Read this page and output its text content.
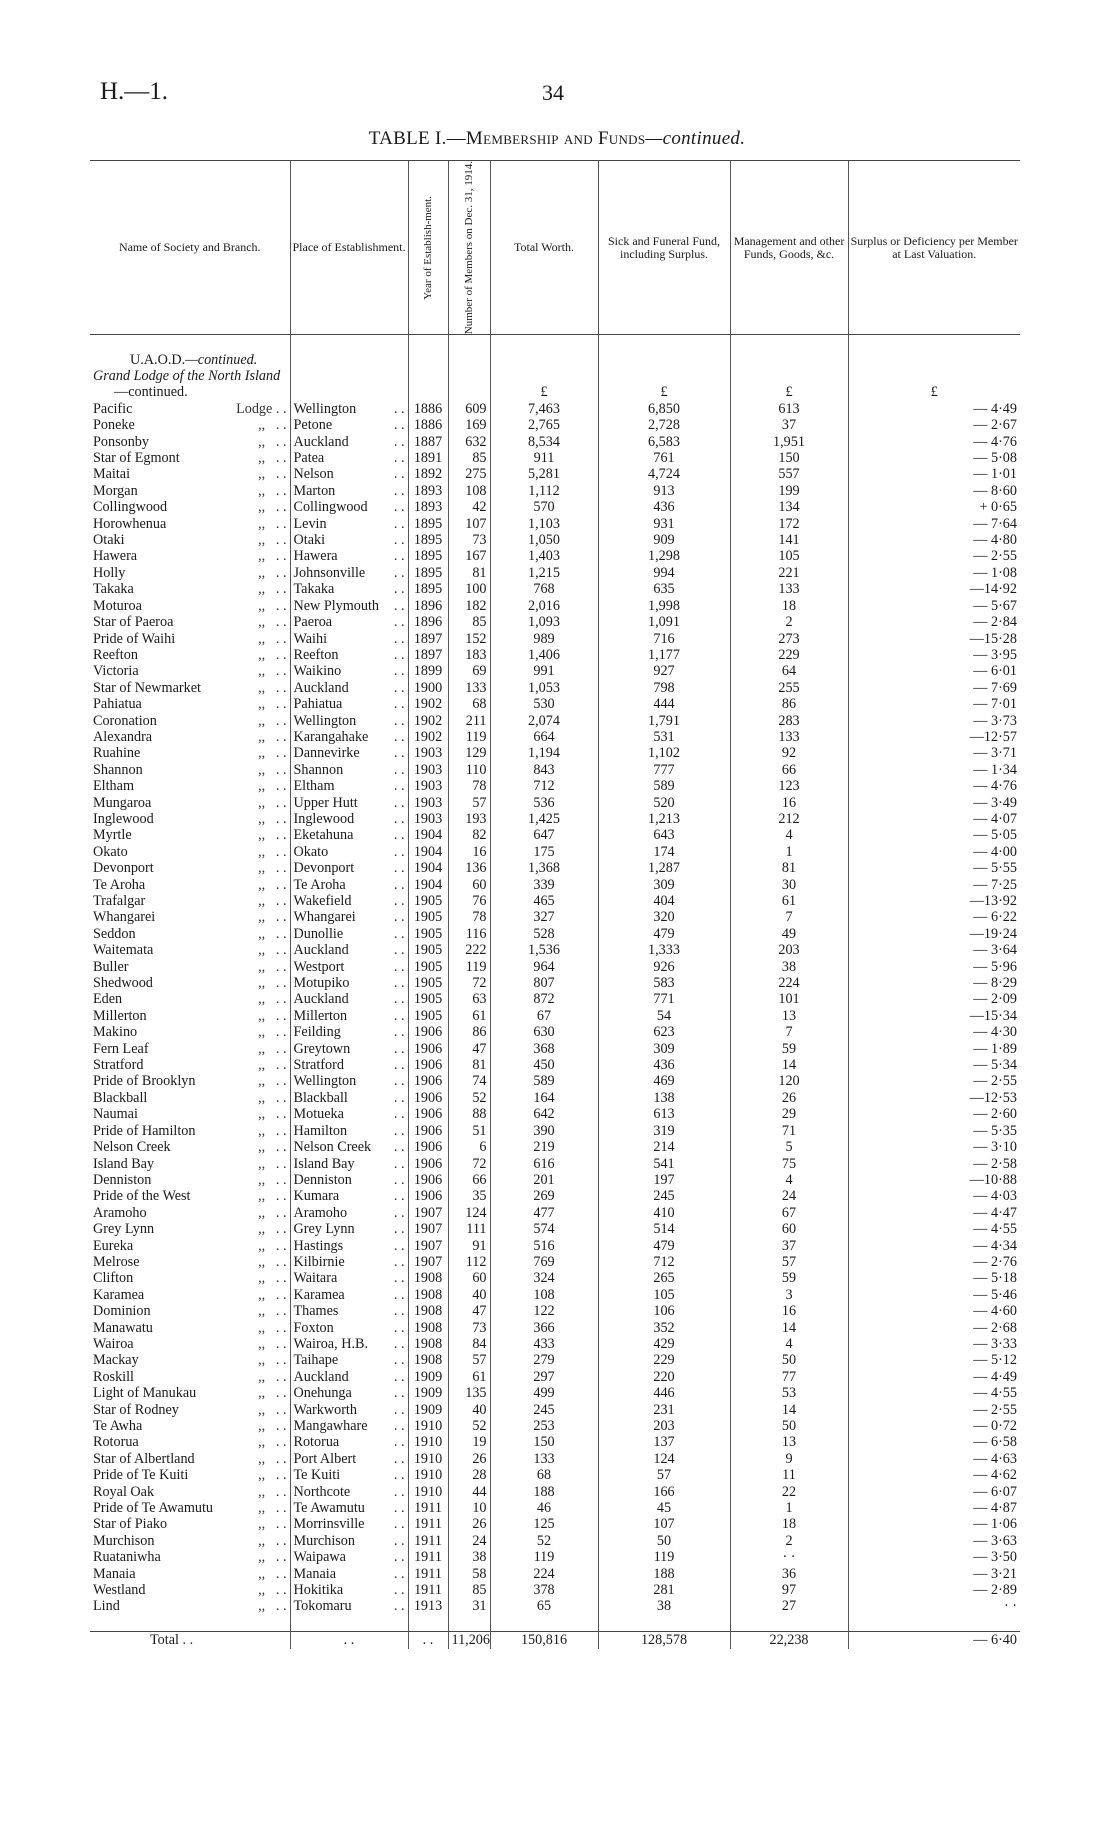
H.—1.	34
TABLE I.—Membership and Funds—continued.
Name of Society and Branch.	Place of Establishment.	Year of Establish-ment.	Number of Members on Dec. 31, 1914.	Total Worth.	Sick and Funeral Fund, including Surplus.	Management and other Funds, Goods, &c.	Surplus or Deficiency per Member at Last Valuation.

U.A.O.D.—continued.							
Grand Lodge of the North Island							
—continued.				£	£	£	£
Pacific Lodge . .	Wellington . .	1886	609	7,463	6,850	613	— 4·49
Poneke ,, . .	Petone . .	1886	169	2,765	2,728	37	— 2·67
Ponsonby ,, . .	Auckland . .	1887	632	8,534	6,583	1,951	— 4·76
Star of Egmont ,, . .	Patea . .	1891	85	911	761	150	— 5·08
Maitai ,, . .	Nelson . .	1892	275	5,281	4,724	557	— 1·01
Morgan ,, . .	Marton . .	1893	108	1,112	913	199	— 8·60
Collingwood ,, . .	Collingwood . .	1893	42	570	436	134	+ 0·65
Horowhenua ,, . .	Levin . .	1895	107	1,103	931	172	— 7·64
Otaki ,, . .	Otaki . .	1895	73	1,050	909	141	— 4·80
Hawera ,, . .	Hawera . .	1895	167	1,403	1,298	105	— 2·55
Holly ,, . .	Johnsonville . .	1895	81	1,215	994	221	— 1·08
Takaka ,, . .	Takaka . .	1895	100	768	635	133	—14·92
Moturoa ,, . .	New Plymouth . .	1896	182	2,016	1,998	18	— 5·67
Star of Paeroa ,, . .	Paeroa . .	1896	85	1,093	1,091	2	— 2·84
Pride of Waihi ,, . .	Waihi . .	1897	152	989	716	273	—15·28
Reefton ,, . .	Reefton . .	1897	183	1,406	1,177	229	— 3·95
Victoria ,, . .	Waikino . .	1899	69	991	927	64	— 6·01
Star of Newmarket ,, . .	Auckland . .	1900	133	1,053	798	255	— 7·69
Pahiatua ,, . .	Pahiatua . .	1902	68	530	444	86	— 7·01
Coronation ,, . .	Wellington . .	1902	211	2,074	1,791	283	— 3·73
Alexandra ,, . .	Karangahake . .	1902	119	664	531	133	—12·57
Ruahine ,, . .	Dannevirke . .	1903	129	1,194	1,102	92	— 3·71
Shannon ,, . .	Shannon . .	1903	110	843	777	66	— 1·34
Eltham ,, . .	Eltham . .	1903	78	712	589	123	— 4·76
Mungaroa ,, . .	Upper Hutt . .	1903	57	536	520	16	— 3·49
Inglewood ,, . .	Inglewood . .	1903	193	1,425	1,213	212	— 4·07
Myrtle ,, . .	Eketahuna . .	1904	82	647	643	4	— 5·05
Okato ,, . .	Okato . .	1904	16	175	174	1	— 4·00
Devonport ,, . .	Devonport . .	1904	136	1,368	1,287	81	— 5·55
Te Aroha ,, . .	Te Aroha . .	1904	60	339	309	30	— 7·25
Trafalgar ,, . .	Wakefield . .	1905	76	465	404	61	—13·92
Whangarei ,, . .	Whangarei . .	1905	78	327	320	7	— 6·22
Seddon ,, . .	Dunollie . .	1905	116	528	479	49	—19·24
Waitemata ,, . .	Auckland . .	1905	222	1,536	1,333	203	— 3·64
Buller ,, . .	Westport . .	1905	119	964	926	38	— 5·96
Shedwood ,, . .	Motupiko . .	1905	72	807	583	224	— 8·29
Eden ,, . .	Auckland . .	1905	63	872	771	101	— 2·09
Millerton ,, . .	Millerton . .	1905	61	67	54	13	—15·34
Makino ,, . .	Feilding . .	1906	86	630	623	7	— 4·30
Fern Leaf ,, . .	Greytown . .	1906	47	368	309	59	— 1·89
Stratford ,, . .	Stratford . .	1906	81	450	436	14	— 5·34
Pride of Brooklyn ,, . .	Wellington . .	1906	74	589	469	120	— 2·55
Blackball ,, . .	Blackball . .	1906	52	164	138	26	—12·53
Naumai ,, . .	Motueka . .	1906	88	642	613	29	— 2·60
Pride of Hamilton ,, . .	Hamilton . .	1906	51	390	319	71	— 5·35
Nelson Creek ,, . .	Nelson Creek . .	1906	6	219	214	5	— 3·10
Island Bay ,, . .	Island Bay . .	1906	72	616	541	75	— 2·58
Denniston ,, . .	Denniston . .	1906	66	201	197	4	—10·88
Pride of the West ,, . .	Kumara . .	1906	35	269	245	24	— 4·03
Aramoho ,, . .	Aramoho . .	1907	124	477	410	67	— 4·47
Grey Lynn ,, . .	Grey Lynn . .	1907	111	574	514	60	— 4·55
Eureka ,, . .	Hastings . .	1907	91	516	479	37	— 4·34
Melrose ,, . .	Kilbirnie . .	1907	112	769	712	57	— 2·76
Clifton ,, . .	Waitara . .	1908	60	324	265	59	— 5·18
Karamea ,, . .	Karamea . .	1908	40	108	105	3	— 5·46
Dominion ,, . .	Thames . .	1908	47	122	106	16	— 4·60
Manawatu ,, . .	Foxton . .	1908	73	366	352	14	— 2·68
Wairoa ,, . .	Wairoa, H.B. . .	1908	84	433	429	4	— 3·33
Mackay ,, . .	Taihape . .	1908	57	279	229	50	— 5·12
Roskill ,, . .	Auckland . .	1909	61	297	220	77	— 4·49
Light of Manukau ,, . .	Onehunga . .	1909	135	499	446	53	— 4·55
Star of Rodney ,, . .	Warkworth . .	1909	40	245	231	14	— 2·55
Te Awha ,, . .	Mangawhare . .	1910	52	253	203	50	— 0·72
Rotorua ,, . .	Rotorua . .	1910	19	150	137	13	— 6·58
Star of Albertland ,, . .	Port Albert . .	1910	26	133	124	9	— 4·63
Pride of Te Kuiti ,, . .	Te Kuiti . .	1910	28	68	57	11	— 4·62
Royal Oak ,, . .	Northcote . .	1910	44	188	166	22	— 6·07
Pride of Te Awamutu ,, . .	Te Awamutu . .	1911	10	46	45	1	— 4·87
Star of Piako ,, . .	Morrinsville . .	1911	26	125	107	18	— 1·06
Murchison ,, . .	Murchison . .	1911	24	52	50	2	— 3·63
Ruataniwha ,, . .	Waipawa . .	1911	38	119	119	· ·	— 3·50
Manaia ,, . .	Manaia . .	1911	58	224	188	36	— 3·21
Westland ,, . .	Hokitika . .	1911	85	378	281	97	— 2·89
Lind ,, . .	Tokomaru . .	1913	31	65	38	27	· ·

Total . .	. .	. .	11,206	150,816	128,578	22,238	— 6·40
